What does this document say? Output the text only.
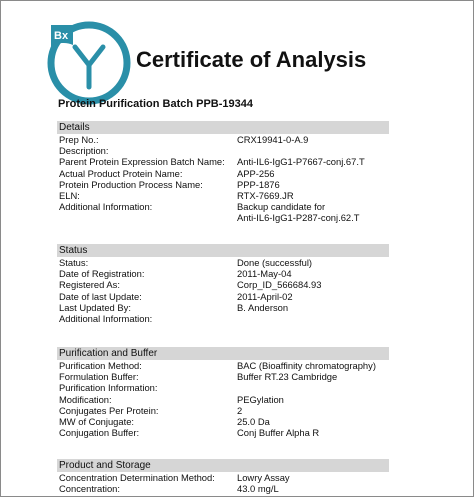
Bx
Certificate of Analysis
Protein Purification Batch PPB-19344
Details
Prep No.:	CRX19941-0-A.9
Description:
Parent Protein Expression Batch Name: Anti-IL6-IgG1-P7667-conj.67.T
Actual Product Protein Name:	APP-256
Protein Production Process Name:	PPP-1876
ELN:	RTX-7669.JR
Additional Information:	Backup candidate for
Anti-IL6-IgG1-P287-conj.62.T
Status
Status:	Done (successful)
Date of Registration:	2011-May-04
Registered As:	Corp_ID_566684.93
Date of last Update:	2011-April-02
Last Updated By:	B. Anderson
Additional Information:
Purification and Buffer
Purification Method:	BAC (Bioaffinity chromatography)
Formulation Buffer:	Buffer RT.23 Cambridge
Purification Information:
Modification:	PEGylation
Conjugates Per Protein:	2
MW of Conjugate:	25.0 Da
Conjugation Buffer:	Conj Buffer Alpha R
Product and Storage
Concentration Determination Method: Lowry Assay
Concentration:	43.0 mg/L
